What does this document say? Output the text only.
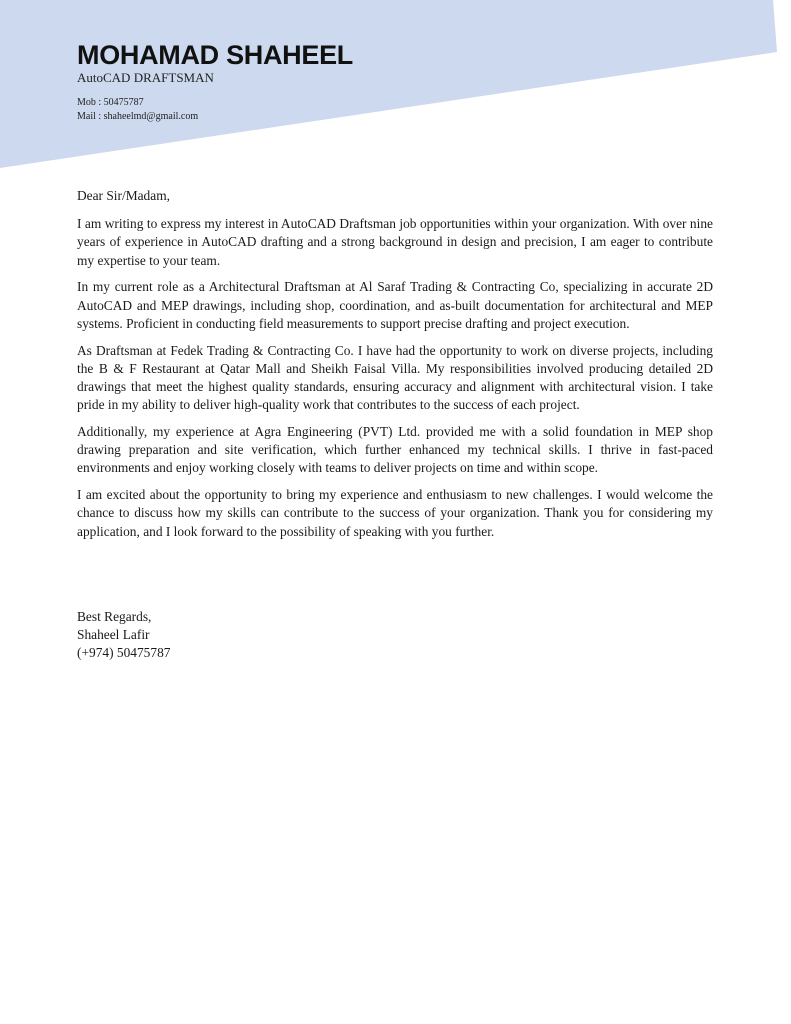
MOHAMAD SHAHEEL
AutoCAD DRAFTSMAN
Mob : 50475787
Mail : shaheelmd@gmail.com

Dear Sir/Madam,

I am writing to express my interest in AutoCAD Draftsman job opportunities within your organization. With over nine years of experience in AutoCAD drafting and a strong background in design and precision, I am eager to contribute my expertise to your team.

In my current role as a Architectural Draftsman at Al Saraf Trading & Contracting Co, specializing in accurate 2D AutoCAD and MEP drawings, including shop, coordination, and as-built documentation for architectural and MEP systems. Proficient in conducting field measurements to support precise drafting and project execution.

As Draftsman at Fedek Trading & Contracting Co. I have had the opportunity to work on diverse projects, including the B & F Restaurant at Qatar Mall and Sheikh Faisal Villa. My responsibilities involved producing detailed 2D drawings that meet the highest quality standards, ensuring accuracy and alignment with architectural vision. I take pride in my ability to deliver high-quality work that contributes to the success of each project.

Additionally, my experience at Agra Engineering (PVT) Ltd. provided me with a solid foundation in MEP shop drawing preparation and site verification, which further enhanced my technical skills. I thrive in fast-paced environments and enjoy working closely with teams to deliver projects on time and within scope.

I am excited about the opportunity to bring my experience and enthusiasm to new challenges. I would welcome the chance to discuss how my skills can contribute to the success of your organization. Thank you for considering my application, and I look forward to the possibility of speaking with you further.

Best Regards,
Shaheel Lafir
(+974) 50475787
